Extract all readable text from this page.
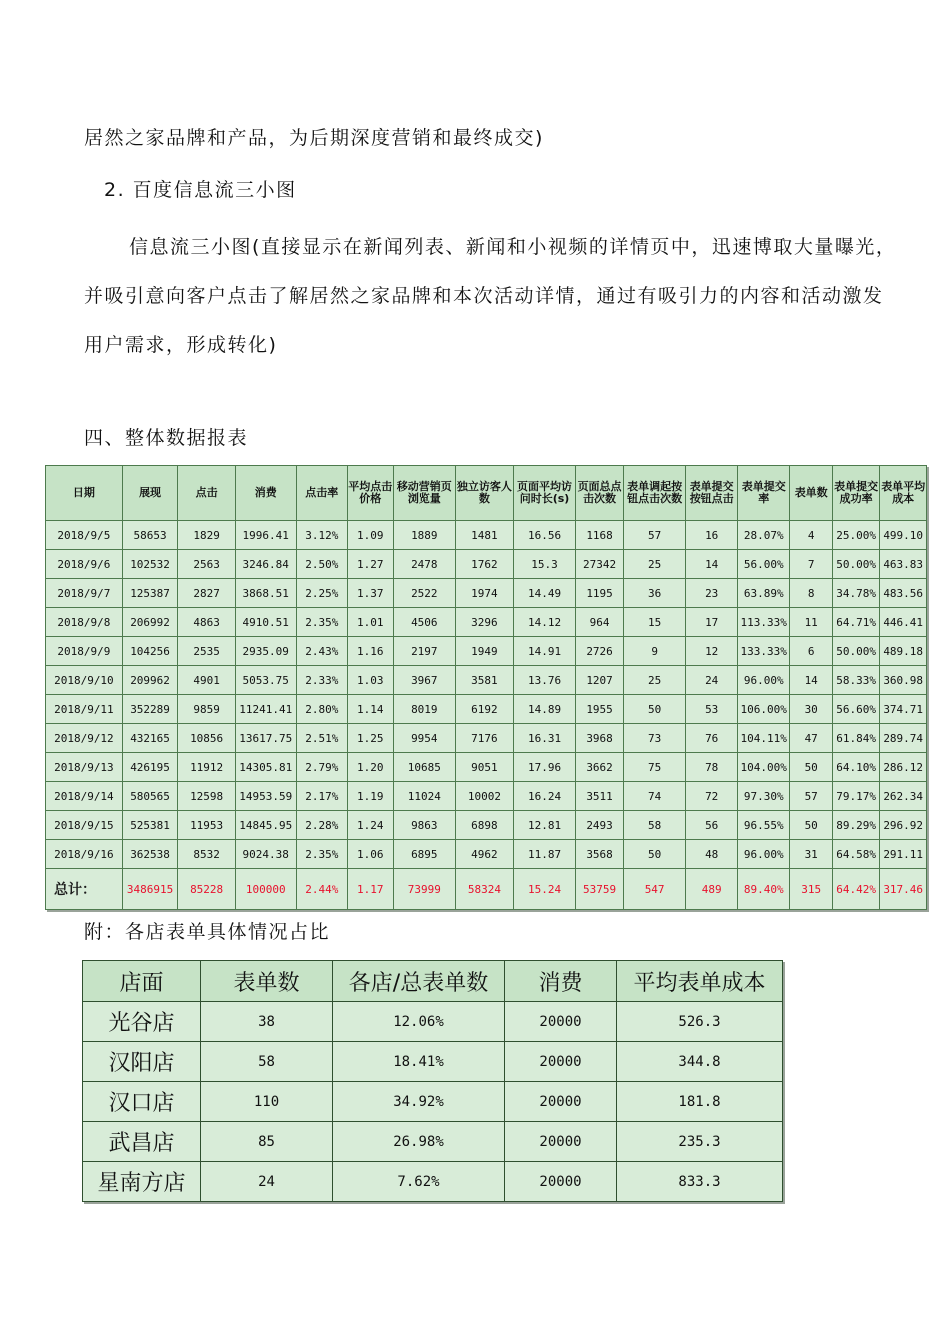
居然之家品牌和产品，为后期深度营销和最终成交)

2. 百度信息流三小图

信息流三小图(直接显示在新闻列表、新闻和小视频的详情页中，迅速博取大量曝光，并吸引意向客户点击了解居然之家品牌和本次活动详情，通过有吸引力的内容和活动激发用户需求，形成转化)

四、整体数据报表

日期	展现	点击	消费	点击率	平均点击价格	移动营销页浏览量	独立访客人数	页面平均访问时长(s)	页面总点击次数	表单调起按钮点击次数	表单提交按钮点击	表单提交率	表单数	表单提交成功率	表单平均成本
2018/9/5	58653	1829	1996.41	3.12%	1.09	1889	1481	16.56	1168	57	16	28.07%	4	25.00%	499.10
2018/9/6	102532	2563	3246.84	2.50%	1.27	2478	1762	15.3	27342	25	14	56.00%	7	50.00%	463.83
2018/9/7	125387	2827	3868.51	2.25%	1.37	2522	1974	14.49	1195	36	23	63.89%	8	34.78%	483.56
2018/9/8	206992	4863	4910.51	2.35%	1.01	4506	3296	14.12	964	15	17	113.33%	11	64.71%	446.41
2018/9/9	104256	2535	2935.09	2.43%	1.16	2197	1949	14.91	2726	9	12	133.33%	6	50.00%	489.18
2018/9/10	209962	4901	5053.75	2.33%	1.03	3967	3581	13.76	1207	25	24	96.00%	14	58.33%	360.98
2018/9/11	352289	9859	11241.41	2.80%	1.14	8019	6192	14.89	1955	50	53	106.00%	30	56.60%	374.71
2018/9/12	432165	10856	13617.75	2.51%	1.25	9954	7176	16.31	3968	73	76	104.11%	47	61.84%	289.74
2018/9/13	426195	11912	14305.81	2.79%	1.20	10685	9051	17.96	3662	75	78	104.00%	50	64.10%	286.12
2018/9/14	580565	12598	14953.59	2.17%	1.19	11024	10002	16.24	3511	74	72	97.30%	57	79.17%	262.34
2018/9/15	525381	11953	14845.95	2.28%	1.24	9863	6898	12.81	2493	58	56	96.55%	50	89.29%	296.92
2018/9/16	362538	8532	9024.38	2.35%	1.06	6895	4962	11.87	3568	50	48	96.00%	31	64.58%	291.11
总计：	3486915	85228	100000	2.44%	1.17	73999	58324	15.24	53759	547	489	89.40%	315	64.42%	317.46

附：各店表单具体情况占比

店面	表单数	各店/总表单数	消费	平均表单成本
光谷店	38	12.06%	20000	526.3
汉阳店	58	18.41%	20000	344.8
汉口店	110	34.92%	20000	181.8
武昌店	85	26.98%	20000	235.3
星南方店	24	7.62%	20000	833.3
